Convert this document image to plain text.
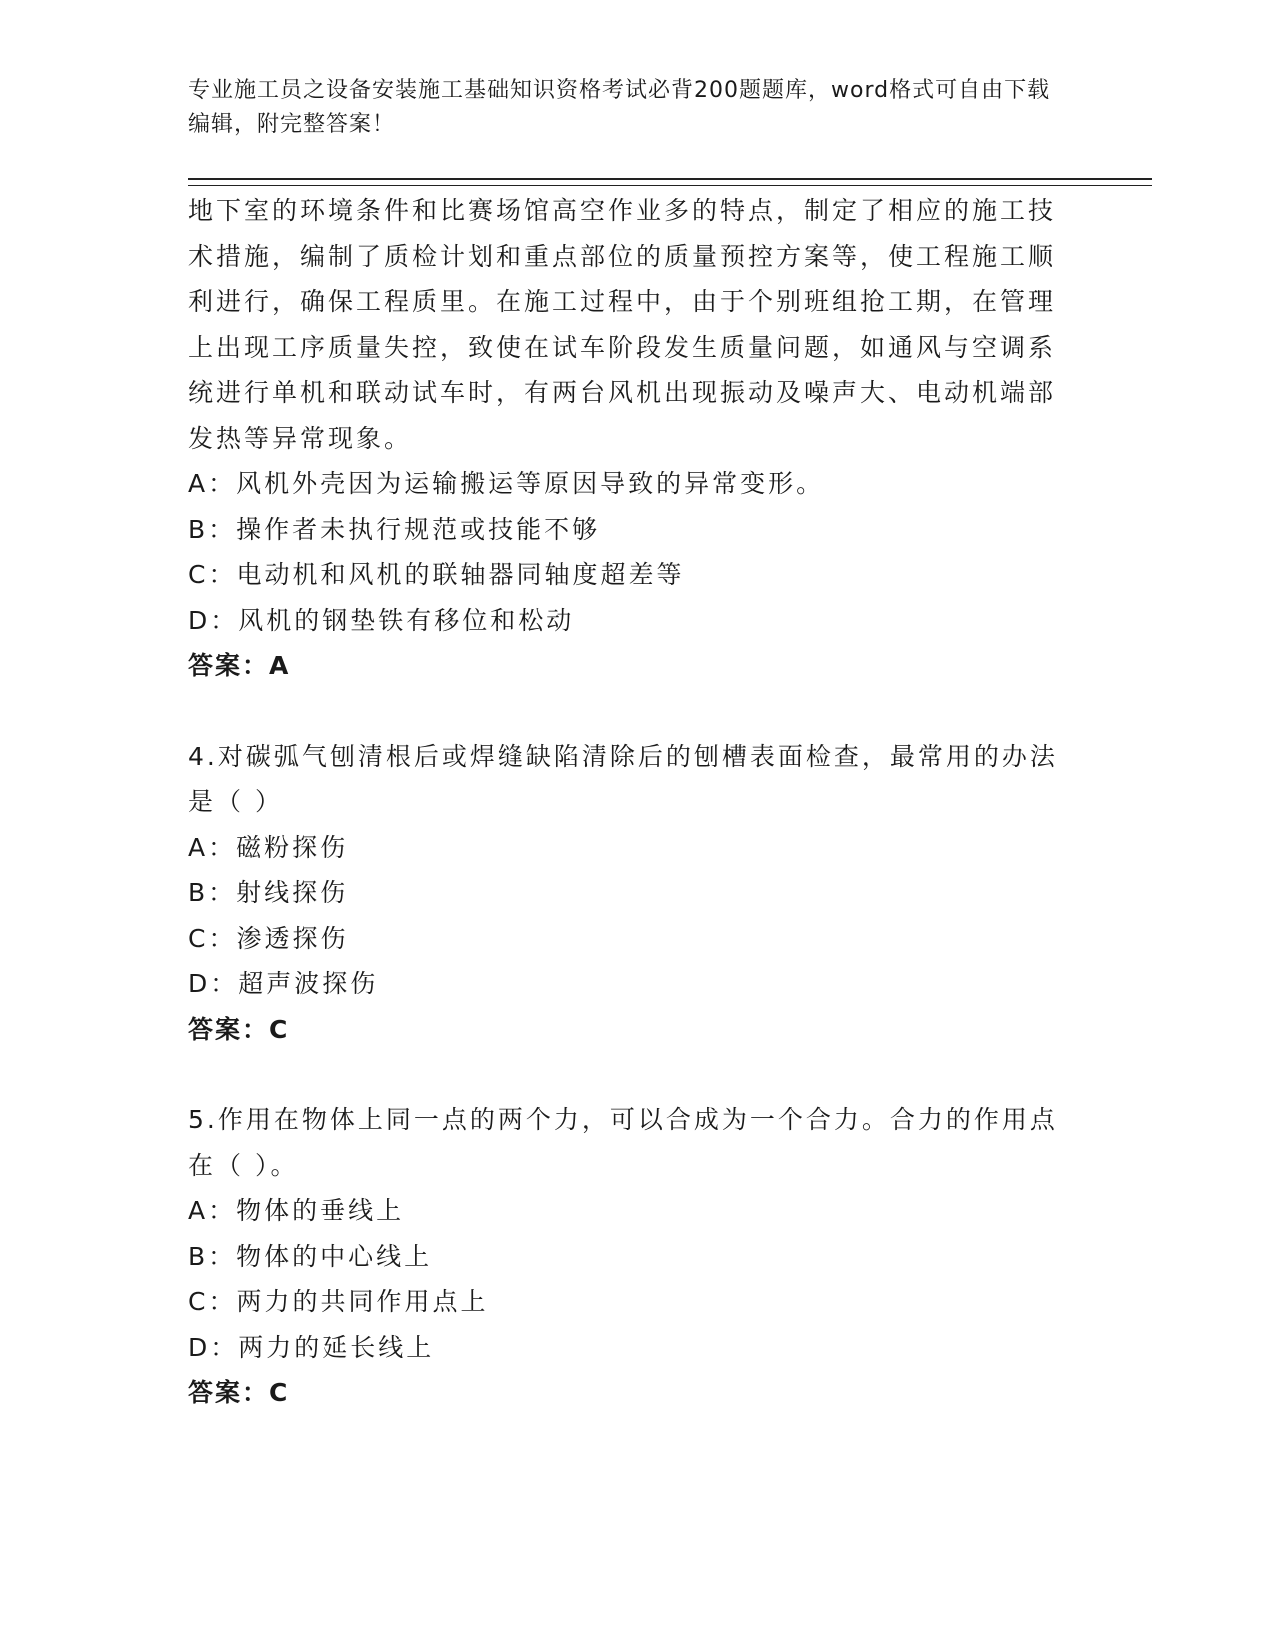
专业施工员之设备安装施工基础知识资格考试必背200题题库，word格式可自由下载编辑，附完整答案！
地下室的环境条件和比赛场馆高空作业多的特点，制定了相应的施工技术措施，编制了质检计划和重点部位的质量预控方案等，使工程施工顺利进行，确保工程质里。在施工过程中，由于个别班组抢工期，在管理上出现工序质量失控，致使在试车阶段发生质量问题，如通风与空调系统进行单机和联动试车时，有两台风机出现振动及噪声大、电动机端部发热等异常现象。
A：风机外壳因为运输搬运等原因导致的异常变形。
B：操作者未执行规范或技能不够
C：电动机和风机的联轴器同轴度超差等
D：风机的钢垫铁有移位和松动
答案：A
4.对碳弧气刨清根后或焊缝缺陷清除后的刨槽表面检查，最常用的办法是（ ）
A：磁粉探伤
B：射线探伤
C：渗透探伤
D：超声波探伤
答案：C
5.作用在物体上同一点的两个力，可以合成为一个合力。合力的作用点在（ ）。
A：物体的垂线上
B：物体的中心线上
C：两力的共同作用点上
D：两力的延长线上
答案：C
